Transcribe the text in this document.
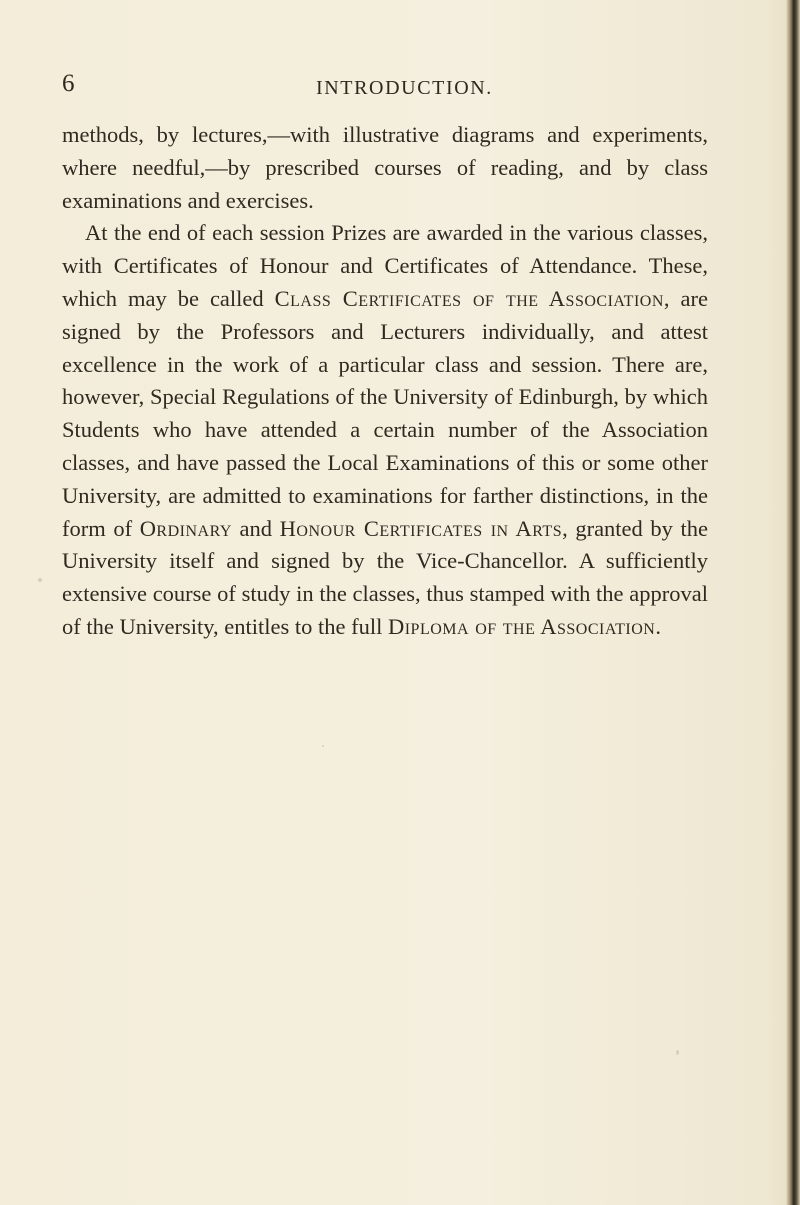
6	INTRODUCTION.

methods, by lectures,—with illustrative diagrams and experiments, where needful,—by prescribed courses of reading, and by class examinations and exercises.

At the end of each session Prizes are awarded in the various classes, with Certificates of Honour and Certificates of Attendance. These, which may be called Class Certificates of the Association, are signed by the Professors and Lecturers individually, and attest excellence in the work of a particular class and session. There are, however, Special Regulations of the University of Edinburgh, by which Students who have attended a certain number of the Association classes, and have passed the Local Examinations of this or some other University, are admitted to examinations for farther distinctions, in the form of Ordinary and Honour Certificates in Arts, granted by the University itself and signed by the Vice-Chancellor. A sufficiently extensive course of study in the classes, thus stamped with the approval of the University, entitles to the full Diploma of the Association.
